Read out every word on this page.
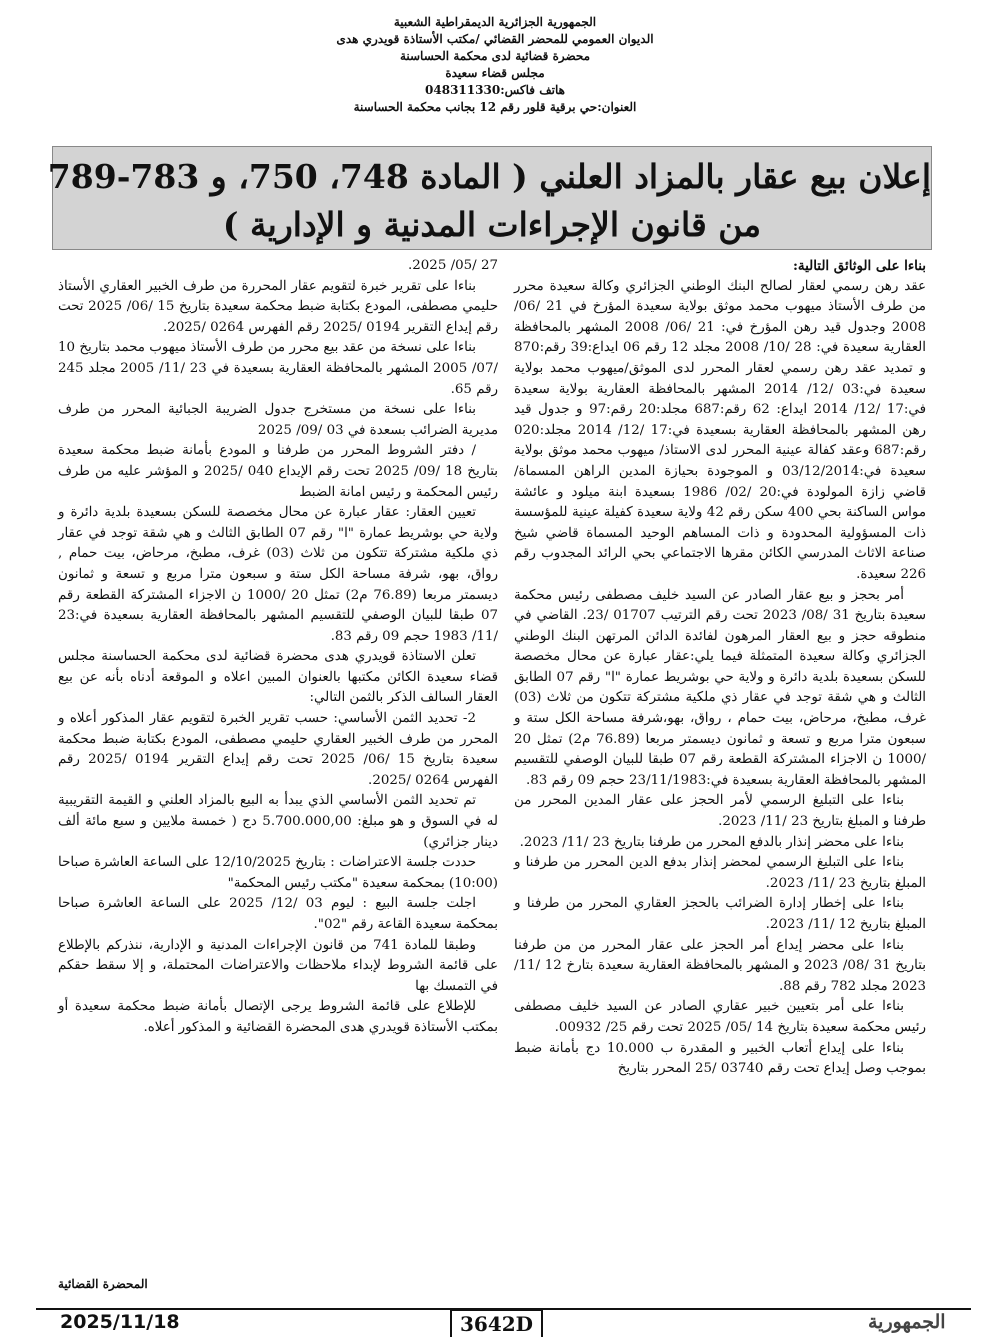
الجمهورية الجزائرية الديمقراطية الشعبية
الديوان العمومي للمحضر القضائي /مكتب الأستاذة قويدري هدى
محضرة قضائية لدى محكمة الحساسنة
مجلس قضاء سعيدة
هاتف فاكس:048311330
العنوان:حي برقية قلور رقم 12 بجانب محكمة الحساسنة
إعلان بيع عقار بالمزاد العلني ( المادة 748، 750، و 783-789
من قانون الإجراءات المدنية و الإدارية )

بناءا على الوثائق التالية:

عقد رهن رسمي لعقار لصالح البنك الوطني الجزائري وكالة سعيدة محرر من طرف الأستاذ ميهوب محمد موثق بولاية سعيدة المؤرخ في 21 /06/ 2008 وجدول قيد رهن المؤرخ في: 21 /06/ 2008 المشهر بالمحافظة العقارية سعيدة في: 28 /10/ 2008 مجلد 12 رقم 06 ايداع:39 رقم:870 و تمديد عقد رهن رسمي لعقار المحرر لدى الموثق/ميهوب محمد بولاية سعيدة في:03 /12/ 2014 المشهر بالمحافظة العقارية بولاية سعيدة في:17 /12/ 2014 ايداع: 62 رقم:687 مجلد:20 رقم:97 و جدول قيد رهن المشهر بالمحافظة العقارية بسعيدة في:17 /12/ 2014 مجلد:020 رقم:687 وعقد كفالة عينية المحرر لدى الاستاذ/ ميهوب محمد موثق بولاية سعيدة في:03/12/2014 و الموجودة بحيازة المدين الراهن المسماة/ قاضي زازة المولودة في:20 /02/ 1986 بسعيدة ابنة ميلود و عائشة مواس الساكنة بحي 400 سكن رقم 42 ولاية سعيدة كفيلة عينية للمؤسسة ذات المسؤولية المحدودة و ذات المساهم الوحيد المسماة قاضي شيخ صناعة الاثاث المدرسي الكائن مقرها الاجتماعي بحي الرائد المجدوب رقم 226 سعيدة.

أمر بحجز و بيع عقار الصادر عن السيد خليف مصطفى رئيس محكمة سعيدة بتاريخ 31 /08/ 2023 تحت رقم الترتيب 01707 /23. القاضي في منطوقه حجز و بيع العقار المرهون لفائدة الدائن المرتهن البنك الوطني الجزائري وكالة سعيدة المتمثلة فيما يلي:عقار عبارة عن محال مخصصة للسكن بسعيدة بلدية دائرة و ولاية حي بوشريط عمارة "ا" رقم 07 الطابق الثالث و هي شقة توجد في عقار ذي ملكية مشتركة تتكون من ثلاث (03) غرف، مطبخ، مرحاض، بيت حمام ، رواق، بهو،شرفة مساحة الكل ستة و سبعون مترا مربع و تسعة و ثمانون ديسمتر مربعا (76.89 م2) تمثل 20 /1000 ن الاجزاء المشتركة القطعة رقم 07 طبقا للبيان الوصفي للتقسيم المشهر بالمحافظة العقارية بسعيدة في:23/11/1983 حجم 09 رقم 83.

بناءا على التبليغ الرسمي لأمر الحجز على عقار المدين المحرر من طرفنا و المبلغ بتاريخ 23 /11/ 2023.

بناءا على محضر إنذار بالدفع المحرر من طرفنا بتاريخ 23 /11/ 2023.

بناءا على التبليغ الرسمي لمحضر إنذار بدفع الدين المحرر من طرفنا و المبلغ بتاريخ 23 /11/ 2023.

بناءا على إخطار إدارة الضرائب بالحجز العقاري المحرر من طرفنا و المبلغ بتاريخ 12 /11/ 2023.

بناءا على محضر إيداع أمر الحجز على عقار المحرر من من طرفنا بتاريخ 31 /08/ 2023 و المشهر بالمحافظة العقارية سعيدة بتارخ 12 /11/ 2023 مجلد 782 رقم 88.

بناءا على أمر بتعيين خبير عقاري الصادر عن السيد خليف مصطفى رئيس محكمة سعيدة بتاريخ 14 /05/ 2025 تحت رقم 25/ 00932.

بناءا على إيداع أتعاب الخبير و المقدرة ب 10.000 دج بأمانة ضبط بموجب وصل إيداع تحت رقم 03740 /25 المحرر بتاريخ

27 /05/ 2025.

بناءا على تقرير خبرة لتقويم عقار المحررة من طرف الخبير العقاري الأستاذ حليمي مصطفى، المودع بكتابة ضبط محكمة سعيدة بتاريخ 15 /06/ 2025 تحت رقم إيداع التقرير 0194 /2025 رقم الفهرس 0264 /2025.

بناءا على نسخة من عقد بيع محرر من طرف الأستاذ ميهوب محمد بتاريخ 10 /07/ 2005 المشهر بالمحافظة العقارية بسعيدة في 23 /11/ 2005 مجلد 245 رقم 65.

بناءا على نسخة من مستخرج جدول الضريبة الجبائية المحرر من طرف مديرية الضرائب بسعدة في 03 /09/ 2025

/ دفتر الشروط المحرر من طرفنا و المودع بأمانة ضبط محكمة سعيدة بتاريخ 18 /09/ 2025 تحت رقم الإيداع 040 /2025 و المؤشر عليه من طرف رئيس المحكمة و رئيس امانة الضبط

تعيين العقار: عقار عبارة عن محال مخصصة للسكن بسعيدة بلدية دائرة و ولاية حي بوشريط عمارة "ا" رقم 07 الطابق الثالث و هي شقة توجد في عقار ذي ملكية مشتركة تتكون من ثلاث (03) غرف، مطبخ، مرحاض، بيت حمام , رواق، بهو، شرفة مساحة الكل ستة و سبعون مترا مربع و تسعة و ثمانون ديسمتر مربعا (76.89 م2) تمثل 20 /1000 ن الاجزاء المشتركة القطعة رقم 07 طبقا للبيان الوصفي للتقسيم المشهر بالمحافظة العقارية بسعيدة في:23 /11/ 1983 حجم 09 رقم 83.

تعلن الاستاذة قويدري هدى محضرة قضائية لدى محكمة الحساسنة مجلس قضاء سعيدة الكائن مكتبها بالعنوان المبين اعلاه و الموقعة أدناه بأنه عن بيع العقار السالف الذكر بالثمن التالي:

2- تحديد الثمن الأساسي: حسب تقرير الخبرة لتقويم عقار المذكور أعلاه و المحرر من طرف الخبير العقاري حليمي مصطفى، المودع بكتابة ضبط محكمة سعيدة بتاريخ 15 /06/ 2025 تحت رقم إيداع التقرير 0194 /2025 رقم الفهرس 0264 /2025.

تم تحديد الثمن الأساسي الذي يبدأ به البيع بالمزاد العلني و القيمة التقريبية له في السوق و هو مبلغ: 5.700.000,00 دج ( خمسة ملايين و سبع مائة ألف دينار جزائري)

حددت جلسة الاعتراضات : بتاريخ 12/10/2025 على الساعة العاشرة صباحا (10:00) بمحكمة سعيدة "مكتب رئيس المحكمة"

اجلت جلسة البيع : ليوم 03 /12/ 2025 على الساعة العاشرة صباحا بمحكمة سعيدة القاعة رقم "02".

وطبقا للمادة 741 من قانون الإجراءات المدنية و الإدارية، ننذركم بالإطلاع على قائمة الشروط لإبداء ملاحظات والاعتراضات المحتملة، و إلا سقط حقكم في التمسك بها

للإطلاع على قائمة الشروط يرجى الإتصال بأمانة ضبط محكمة سعيدة أو بمكتب الأستاذة قويدري هدى المحضرة القضائية و المذكور أعلاه.

المحضرة القضائية
2025/11/18	3642D	الجمهورية
